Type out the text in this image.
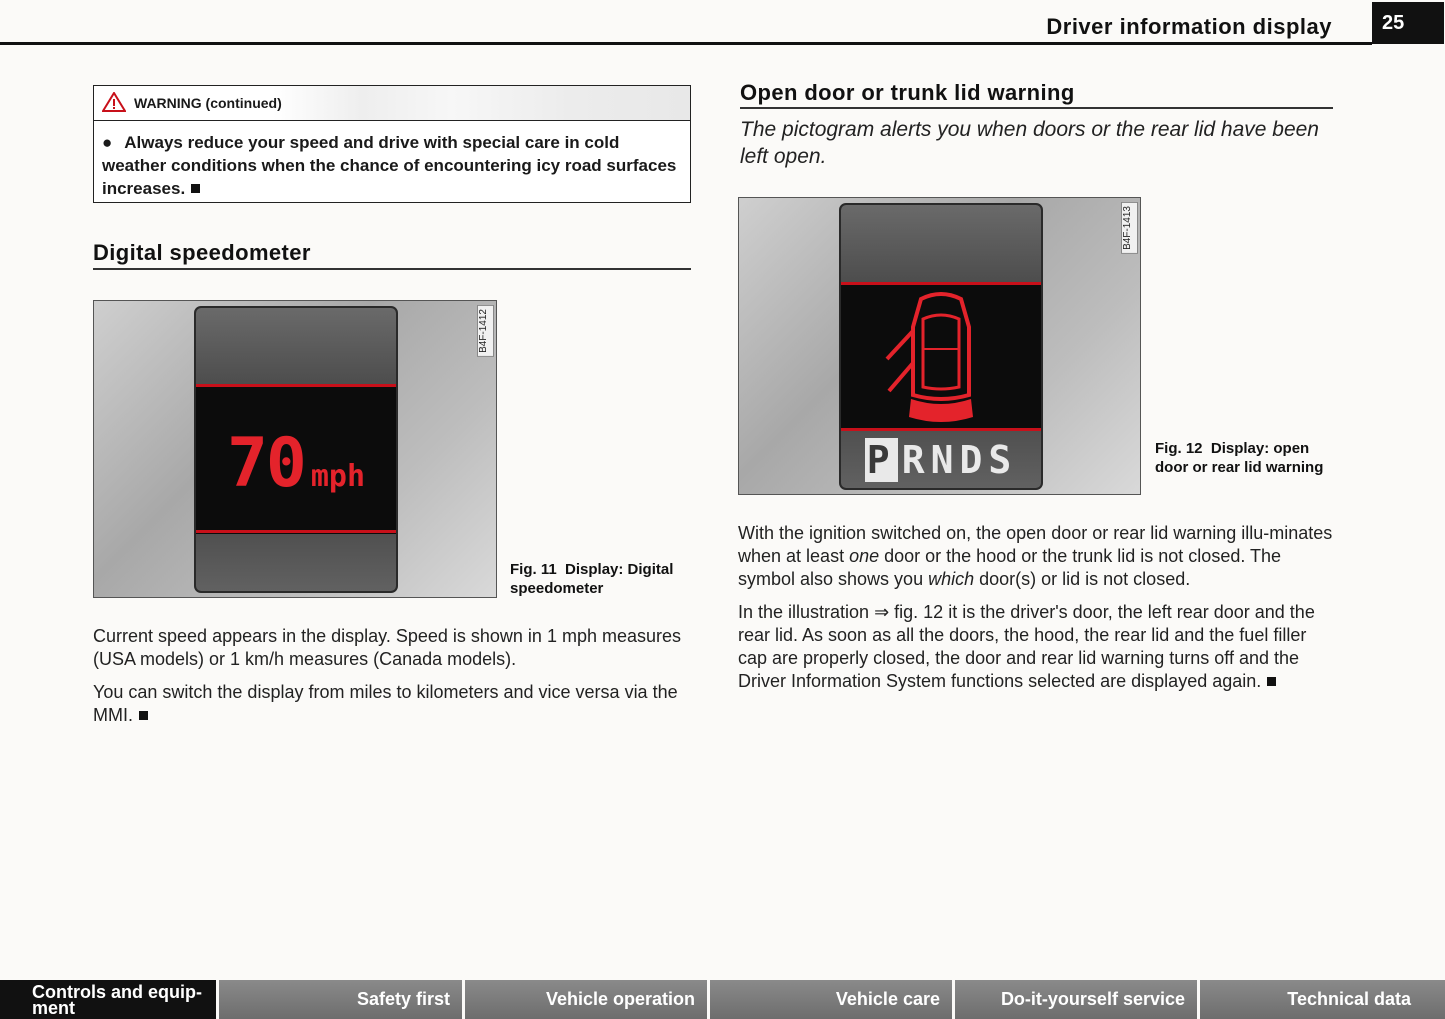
Driver information display	25
WARNING (continued)
● Always reduce your speed and drive with special care in cold weather conditions when the chance of encountering icy road surfaces increases.
Digital speedometer
B4F-1412
70 mph
Fig. 11 Display: Digital speedometer

Current speed appears in the display. Speed is shown in 1 mph measures (USA models) or 1 km/h measures (Canada models).

You can switch the display from miles to kilometers and vice versa via the MMI.

Open door or trunk lid warning
The pictogram alerts you when doors or the rear lid have been left open.
B4F-1413
P RNDS	Fig. 12 Display: open door or rear lid warning

With the ignition switched on, the open door or rear lid warning illu-minates when at least one door or the hood or the trunk lid is not closed. The symbol also shows you which door(s) or lid is not closed.

In the illustration ⇒ fig. 12 it is the driver's door, the left rear door and the rear lid. As soon as all the doors, the hood, the rear lid and the fuel filler cap are properly closed, the door and rear lid warning turns off and the Driver Information System functions selected are displayed again.

Controls and equip- ment	Safety first	Vehicle operation	Vehicle care	Do-it-yourself service	Technical data
